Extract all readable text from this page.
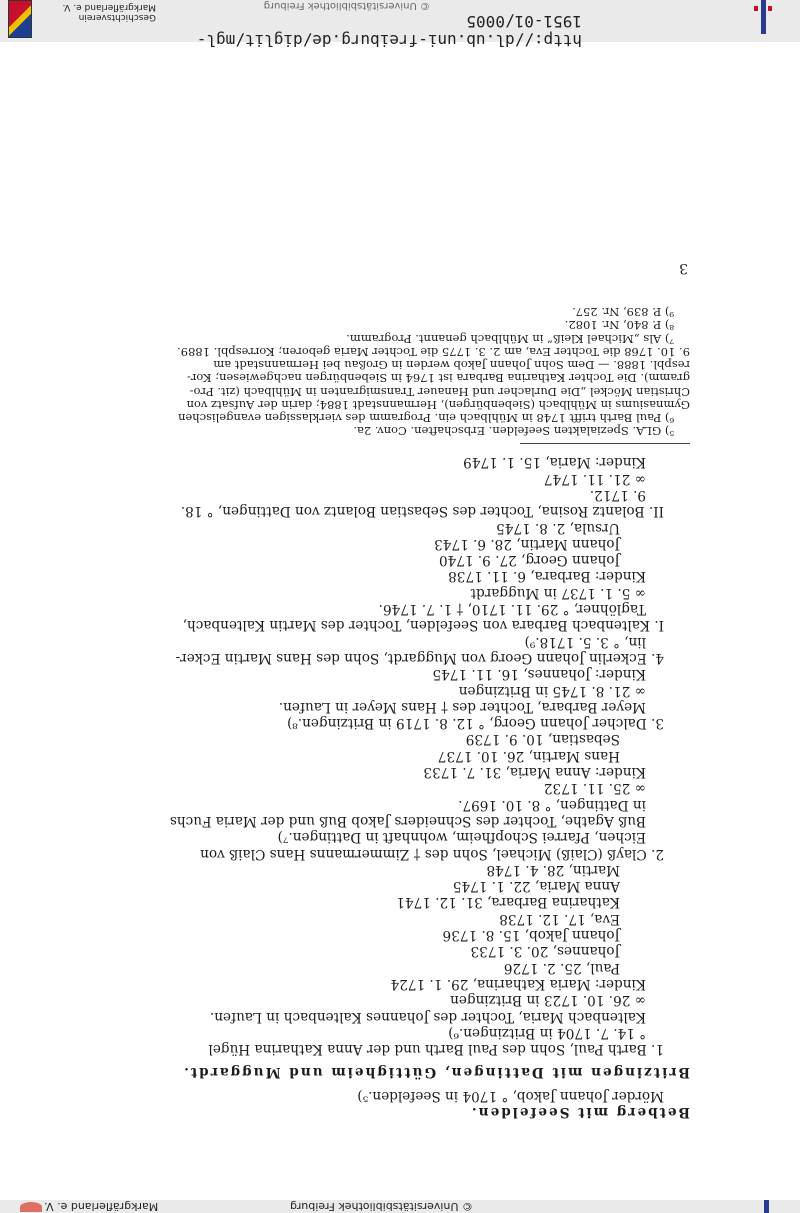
Geschichtsverein Markgräflerland e. V.	© Universitätsbibliothek Freiburg
http://dl.ub.uni-freiburg.de/diglit/mgl-1951-01/0005
Betberg mit Seefelden.
Mörder Johann Jakob, ° 1704 in Seefelden.⁵)
Britzingen mit Dattingen, Güttigheim und Muggardt.
1. Barth Paul, Sohn des Paul Barth und der Anna Katharina Hügel
° 14. 7. 1704 in Britzingen.⁶)
Kaltenbach Maria, Tochter des Johannes Kaltenbach in Laufen.
∞ 26. 10. 1723 in Britzingen
Kinder: Maria Katharina, 29. 1. 1724
Paul, 25. 2. 1726
Johannes, 20. 3. 1733
Johann Jakob, 15. 8. 1736
Eva, 17. 12. 1738
Katharina Barbara, 31. 12. 1741
Anna Maria, 22. 1. 1745
Martin, 28. 4. 1748
2. Clayß (Claiß) Michael, Sohn des † Zimmermanns Hans Claiß von
Eichen, Pfarrei Schopfheim, wohnhaft in Dattingen.⁷)
Buß Agathe, Tochter des Schneiders Jakob Buß und der Maria Fuchs
in Dattingen, ° 8. 10. 1697.
∞ 25. 11. 1732
Kinder: Anna Maria, 31. 7. 1733
Hans Martin, 26. 10. 1737
Sebastian, 10. 9. 1739
3. Dalcher Johann Georg, ° 12. 8. 1719 in Britzingen.⁸)
Meyer Barbara, Tochter des † Hans Meyer in Laufen.
∞ 21. 8. 1745 in Britzingen
Kinder: Johannes, 16. 11. 1745
4. Eckerlin Johann Georg von Muggardt, Sohn des Hans Martin Ecker-
lin, ° 3. 5. 1718.⁹)
I. Kaltenbach Barbara von Seefelden, Tochter des Martin Kaltenbach,
Taglöhner, ° 29. 11. 1710, † 1. 7. 1746.
∞ 5. 1. 1737 in Muggardt
Kinder: Barbara, 6. 11. 1738
Johann Georg, 27. 9. 1740
Johann Martin, 28. 6. 1743
Ursula, 2. 8. 1745
II. Bolantz Rosina, Tochter des Sebastian Bolantz von Dattingen, ° 18.
9. 1712.
∞ 21. 11. 1747
Kinder: Maria, 15. 1. 1749
⁵) GLA. Spezialakten Seefelden. Erbschaften. Conv. 2a.
⁶) Paul Barth trifft 1748 in Mühlbach ein. Programm des vierklassigen evangelischen
Gymnasiums in Mühlbach (Siebenbürgen), Hermannstadt 1884; darin der Aufsatz von
Christian Möckel „Die Durlacher und Hanauer Transmigranten in Mühlbach (zit. Pro-
gramm). Die Tochter Katharina Barbara ist 1764 in Siebenbürgen nachgewiesen; Kor-
respbl. 1888. — Dem Sohn Johann Jakob werden in Großau bei Hermannstadt am
9. 10. 1768 die Tochter Eva, am 2. 3. 1775 die Tochter Maria geboren; Korrespbl. 1889.
⁷) Als „Michael Kleiß“ in Mühlbach genannt. Programm.
⁸) P. 840, Nr. 1082.
⁹) P. 839, Nr. 257.
3
Markgräflerland e. V.	© Universitätsbibliothek Freiburg
